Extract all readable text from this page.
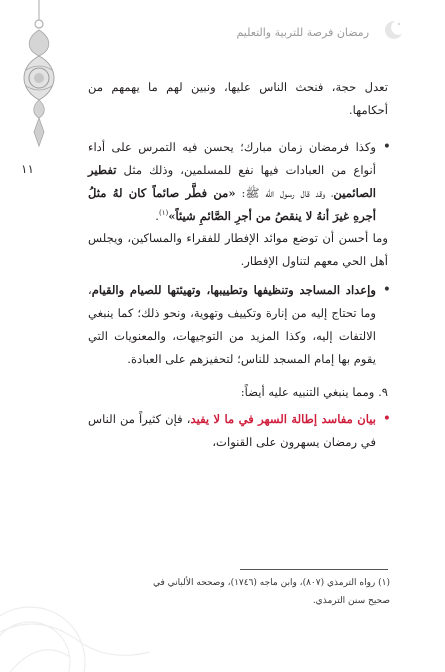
رمضان فرصة للتربية والتعليم
١١

تعدل حجة، فنحث الناس عليها، ونبين لهم ما يهمهم من أحكامها.

•
وكذا فرمضان زمان مبارك؛ يحسن فيه التمرس على أداء أنواع من العبادات فيها نفع للمسلمين، وذلك مثل تفطير الصائمين، وقد قال رسول الله ﷺ: «من فطَّر صائماً كان لهُ مثلُ أجرهِ غيرَ أنهُ لا ينقصُ من أجرِ الصَّائمِ شيئاً»$^{(١)}$.

وما أحسن أن توضع موائد الإفطار للفقراء والمساكين، ويجلس أهل الحي معهم لتناول الإفطار.

•
وإعداد المساجد وتنظيفها وتطييبها، وتهيئتها للصيام والقيام، وما تحتاج إليه من إنارة وتكييف وتهوية، ونحو ذلك؛ كما ينبغي الالتفات إليه، وكذا المزيد من التوجيهات، والمعنويات التي يقوم بها إمام المسجد للناس؛ لتحفيزهم على العبادة.

٩. ومما ينبغي التنبيه عليه أيضاً:

•
بيان مفاسد إطالة السهر في ما لا يفيد، فإن كثيراً من الناس في رمضان يسهرون على القنوات،

(١) رواه الترمذي (٨٠٧)، وابن ماجه (١٧٤٦)، وصححه الألباني في

صحيح سنن الترمذي.
